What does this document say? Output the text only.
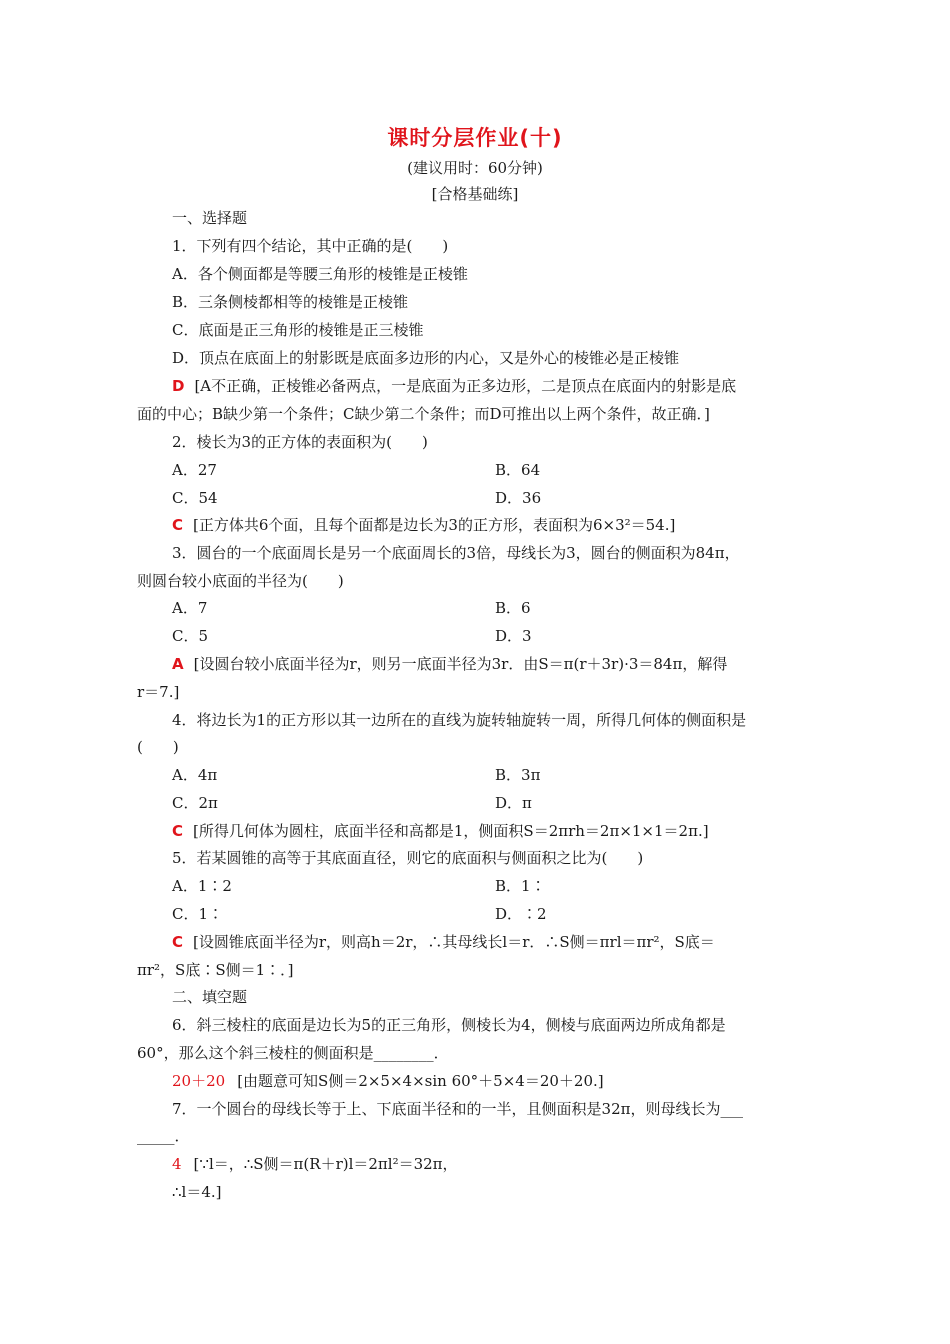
课时分层作业(十)
(建议用时：60分钟)
[合格基础练]
一、选择题
1．下列有四个结论，其中正确的是(　　)
A．各个侧面都是等腰三角形的棱锥是正棱锥
B．三条侧棱都相等的棱锥是正棱锥
C．底面是正三角形的棱锥是正三棱锥
D．顶点在底面上的射影既是底面多边形的内心，又是外心的棱锥必是正棱锥
D [A不正确，正棱锥必备两点，一是底面为正多边形，二是顶点在底面内的射影是底
面的中心；B缺少第一个条件；C缺少第二个条件；而D可推出以上两个条件，故正确．]
2．棱长为3的正方体的表面积为(　　)
A．27	B．64
C．54	D．36
C [正方体共6个面，且每个面都是边长为3的正方形，表面积为6×3²＝54.]
3．圆台的一个底面周长是另一个底面周长的3倍，母线长为3，圆台的侧面积为84π，
则圆台较小底面的半径为(　　)
A．7	B．6
C．5	D．3
A [设圆台较小底面半径为r，则另一底面半径为3r．由S＝π(r＋3r)·3＝84π，解得
r＝7.]
4．将边长为1的正方形以其一边所在的直线为旋转轴旋转一周，所得几何体的侧面积是
(　　)
A．4π	B．3π
C．2π	D．π
C [所得几何体为圆柱，底面半径和高都是1，侧面积S＝2πrh＝2π×1×1＝2π.]
5．若某圆锥的高等于其底面直径，则它的底面积与侧面积之比为(　　)
A．1∶2	B．1∶
C．1∶	D．∶2
C [设圆锥底面半径为r，则高h＝2r，∴其母线长l＝r．∴S侧＝πrl＝πr²，S底＝
πr²，S底∶S侧＝1∶．]
二、填空题
6．斜三棱柱的底面是边长为5的正三角形，侧棱长为4，侧棱与底面两边所成角都是
60°，那么这个斜三棱柱的侧面积是________．
20＋20 [由题意可知S侧＝2×5×4×sin 60°＋5×4＝20＋20.]
7．一个圆台的母线长等于上、下底面半径和的一半，且侧面积是32π，则母线长为___
_____．
4 [∵l＝，∴S侧＝π(R＋r)l＝2πl²＝32π，
∴l＝4.]
